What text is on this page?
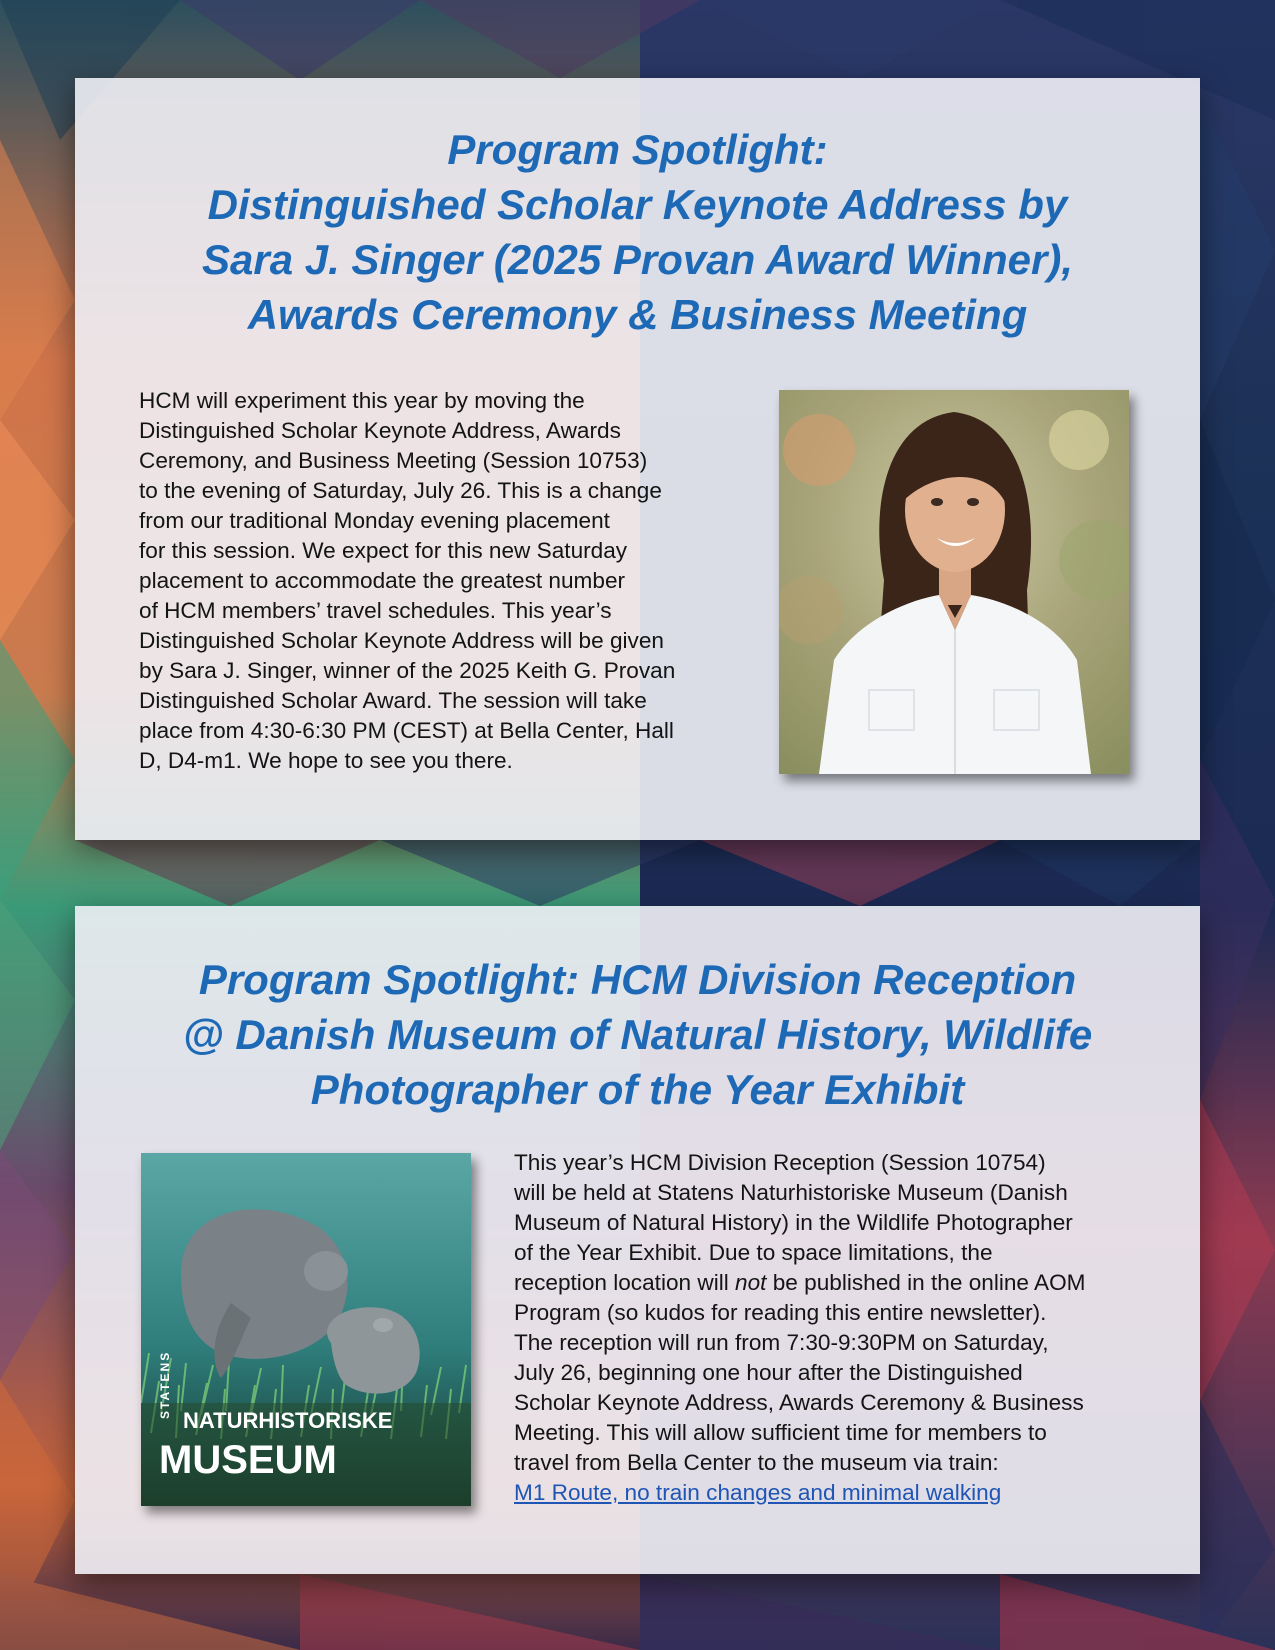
Program Spotlight:
Distinguished Scholar Keynote Address by
Sara J. Singer (2025 Provan Award Winner),
Awards Ceremony & Business Meeting
HCM will experiment this year by moving the
Distinguished Scholar Keynote Address, Awards
Ceremony, and Business Meeting (Session 10753)
to the evening of Saturday, July 26. This is a change
from our traditional Monday evening placement
for this session. We expect for this new Saturday
placement to accommodate the greatest number
of HCM members’ travel schedules. This year’s
Distinguished Scholar Keynote Address will be given
by Sara J. Singer, winner of the 2025 Keith G. Provan
Distinguished Scholar Award. The session will take
place from 4:30-6:30 PM (CEST) at Bella Center, Hall
D, D4-m1. We hope to see you there.
Program Spotlight: HCM Division Reception
@ Danish Museum of Natural History, Wildlife
Photographer of the Year Exhibit
STATENS
NATURHISTORISKE
MUSEUM
This year’s HCM Division Reception (Session 10754)
will be held at Statens Naturhistoriske Museum (Danish
Museum of Natural History) in the Wildlife Photographer
of the Year Exhibit. Due to space limitations, the
reception location will not be published in the online AOM
Program (so kudos for reading this entire newsletter).
The reception will run from 7:30-9:30PM on Saturday,
July 26, beginning one hour after the Distinguished
Scholar Keynote Address, Awards Ceremony & Business
Meeting. This will allow sufficient time for members to
travel from Bella Center to the museum via train:
M1 Route, no train changes and minimal walking
